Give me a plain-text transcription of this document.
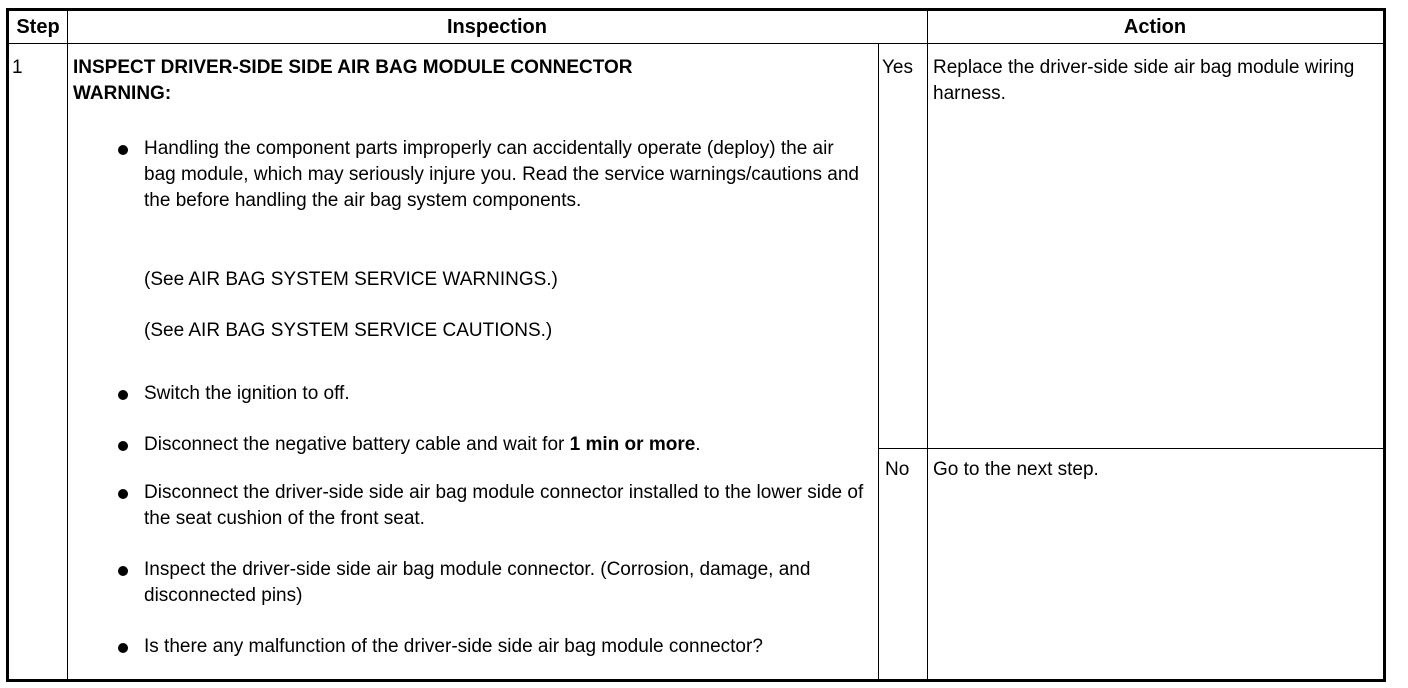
Step	Inspection	Action
1	INSPECT DRIVER-SIDE SIDE AIR BAG MODULE CONNECTOR
WARNING:
Handling the component parts improperly can accidentally operate (deploy) the air bag module, which may seriously injure you. Read the service warnings/cautions and the before handling the air bag system components.
Switch the ignition to off.
Disconnect the negative battery cable and wait for 1 min or more.
Disconnect the driver-side side air bag module connector installed to the lower side of the seat cushion of the front seat.
Inspect the driver-side side air bag module connector. (Corrosion, damage, and disconnected pins)
Is there any malfunction of the driver-side side air bag module connector?
(See AIR BAG SYSTEM SERVICE WARNINGS.)
(See AIR BAG SYSTEM SERVICE CAUTIONS.)
Yes Replace the driver-side side air bag module wiring harness.
No Go to the next step.
